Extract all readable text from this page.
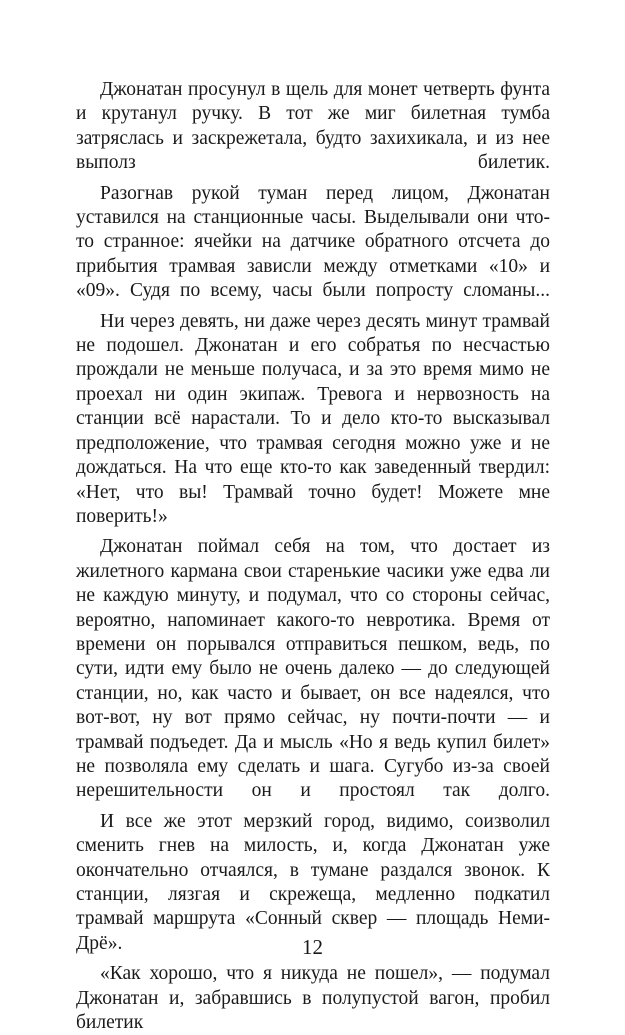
Джонатан просунул в щель для монет четверть фунта и крутанул ручку. В тот же миг билетная тумба затряслась и заскрежетала, будто захихикала, и из нее выполз билетик.

Разогнав рукой туман перед лицом, Джонатан уставился на станционные часы. Выделывали они что-то странное: ячейки на датчике обратного отсчета до прибытия трамвая зависли между отметками «10» и «09». Судя по всему, часы были попросту сломаны...

Ни через девять, ни даже через десять минут трамвай не подошел. Джонатан и его собратья по несчастью прождали не меньше получаса, и за это время мимо не проехал ни один экипаж. Тревога и нервозность на станции всё нарастали. То и дело кто-то высказывал предположение, что трамвая сегодня можно уже и не дождаться. На что еще кто-то как заведенный твердил: «Нет, что вы! Трамвай точно будет! Можете мне поверить!»

Джонатан поймал себя на том, что достает из жилетного кармана свои старенькие часики уже едва ли не каждую минуту, и подумал, что со стороны сейчас, вероятно, напоминает какого-то невротика. Время от времени он порывался отправиться пешком, ведь, по сути, идти ему было не очень далеко — до следующей станции, но, как часто и бывает, он все надеялся, что вот-вот, ну вот прямо сейчас, ну почти-почти — и трамвай подъедет. Да и мысль «Но я ведь купил билет» не позволяла ему сделать и шага. Сугубо из-за своей нерешительности он и простоял так долго.

И все же этот мерзкий город, видимо, соизволил сменить гнев на милость, и, когда Джонатан уже окончательно отчаялся, в тумане раздался звонок. К станции, лязгая и скрежеща, медленно подкатил трамвай маршрута «Сонный сквер — площадь Неми-Дрё».

«Как хорошо, что я никуда не пошел», — подумал Джонатан и, забравшись в полупустой вагон, пробил билетик

12
